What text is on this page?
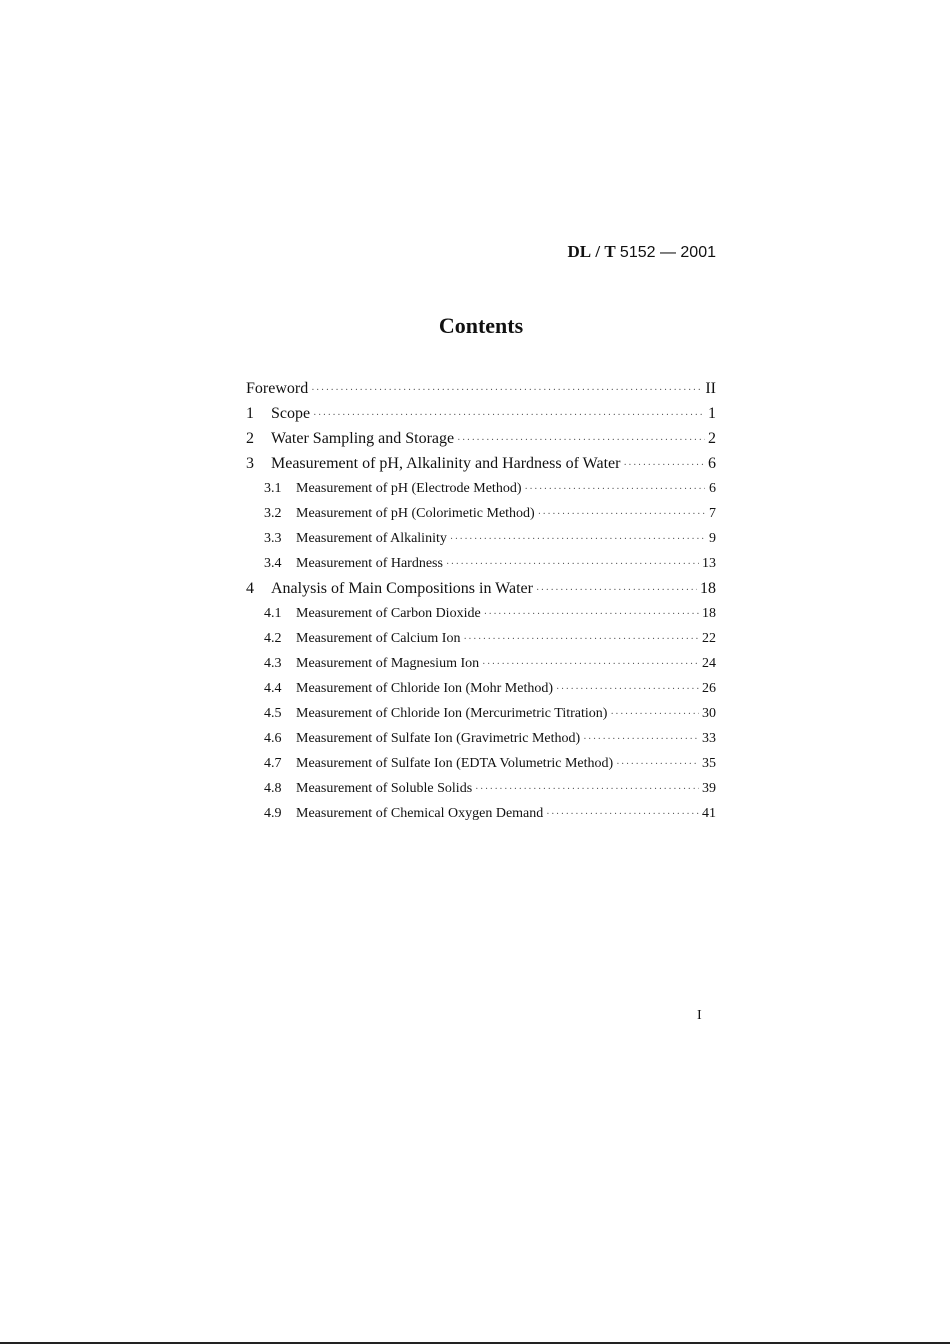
DL / T 5152 — 2001
Contents
Foreword ·····	II
1	Scope ·····	1
2	Water Sampling and Storage ·····	2
3	Measurement of pH, Alkalinity and Hardness of Water ·····	6
3.1	Measurement of pH (Electrode Method) ·····	6
3.2	Measurement of pH (Colorimetic Method) ·····	7
3.3	Measurement of Alkalinity ·····	9
3.4	Measurement of Hardness ·····	13
4	Analysis of Main Compositions in Water ·····	18
4.1	Measurement of Carbon Dioxide ·····	18
4.2	Measurement of Calcium Ion ·····	22
4.3	Measurement of Magnesium Ion ·····	24
4.4	Measurement of Chloride Ion (Mohr Method) ·····	26
4.5	Measurement of Chloride Ion (Mercurimetric Titration) ·····	30
4.6	Measurement of Sulfate Ion (Gravimetric Method) ·····	33
4.7	Measurement of Sulfate Ion (EDTA Volumetric Method) ·····	35
4.8	Measurement of Soluble Solids ·····	39
4.9	Measurement of Chemical Oxygen Demand ·····	41
I
